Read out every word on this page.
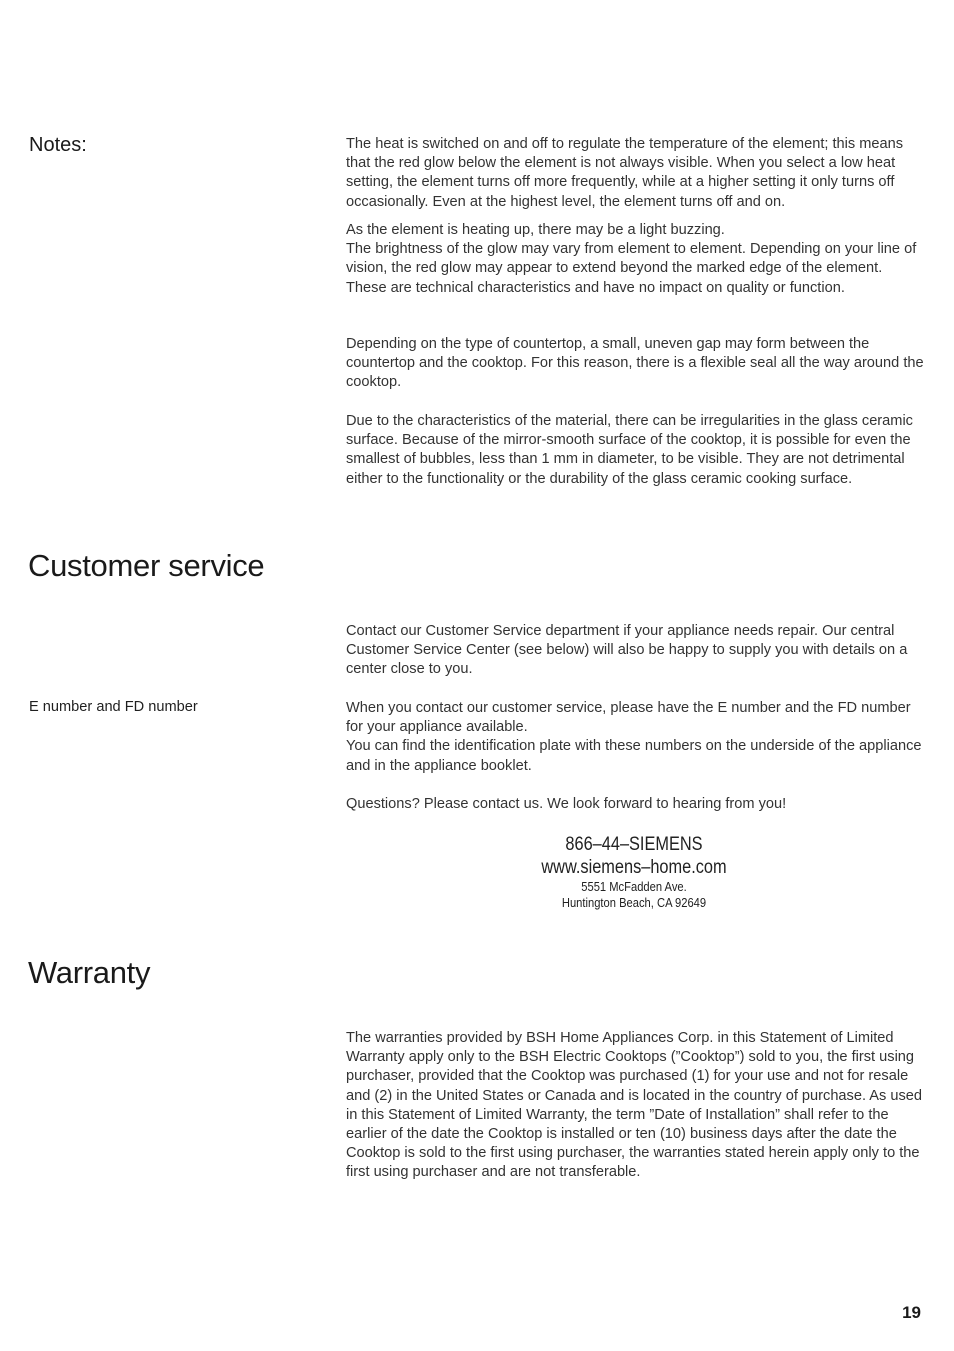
Notes:	The heat is switched on and off to regulate the temperature of the element; this means that the red glow below the element is not always visible. When you select a low heat setting, the element turns off more frequently, while at a higher setting it only turns off occasionally. Even at the highest level, the element turns off and on.

As the element is heating up, there may be a light buzzing.
The brightness of the glow may vary from element to element. Depending on your line of vision, the red glow may appear to extend beyond the marked edge of the element.
These are technical characteristics and have no impact on quality or function.

Depending on the type of countertop, a small, uneven gap may form between the countertop and the cooktop. For this reason, there is a flexible seal all the way around the cooktop.

Due to the characteristics of the material, there can be irregularities in the glass ceramic surface. Because of the mirror-smooth surface of the cooktop, it is possible for even the smallest of bubbles, less than 1 mm in diameter, to be visible. They are not detrimental either to the functionality or the durability of the glass ceramic cooking surface.

Customer service

Contact our Customer Service department if your appliance needs repair. Our central Customer Service Center (see below) will also be happy to supply you with details on a center close to you.

E number and FD number	When you contact our customer service, please have the E number and the FD number for your appliance available.
You can find the identification plate with these numbers on the underside of the appliance and in the appliance booklet.

Questions? Please contact us. We look forward to hearing from you!

866–44–SIEMENS
www.siemens–home.com
5551 McFadden Ave.
Huntington Beach, CA 92649
Warranty

The warranties provided by BSH Home Appliances Corp. in this Statement of Limited Warranty apply only to the BSH Electric Cooktops (”Cooktop”) sold to you, the first using purchaser, provided that the Cooktop was purchased (1) for your use and not for resale and (2) in the United States or Canada and is located in the country of purchase. As used in this Statement of Limited Warranty, the term ”Date of Installation” shall refer to the earlier of the date the Cooktop is installed or ten (10) business days after the date the Cooktop is sold to the first using purchaser, the warranties stated herein apply only to the first using purchaser and are not transferable.

19
